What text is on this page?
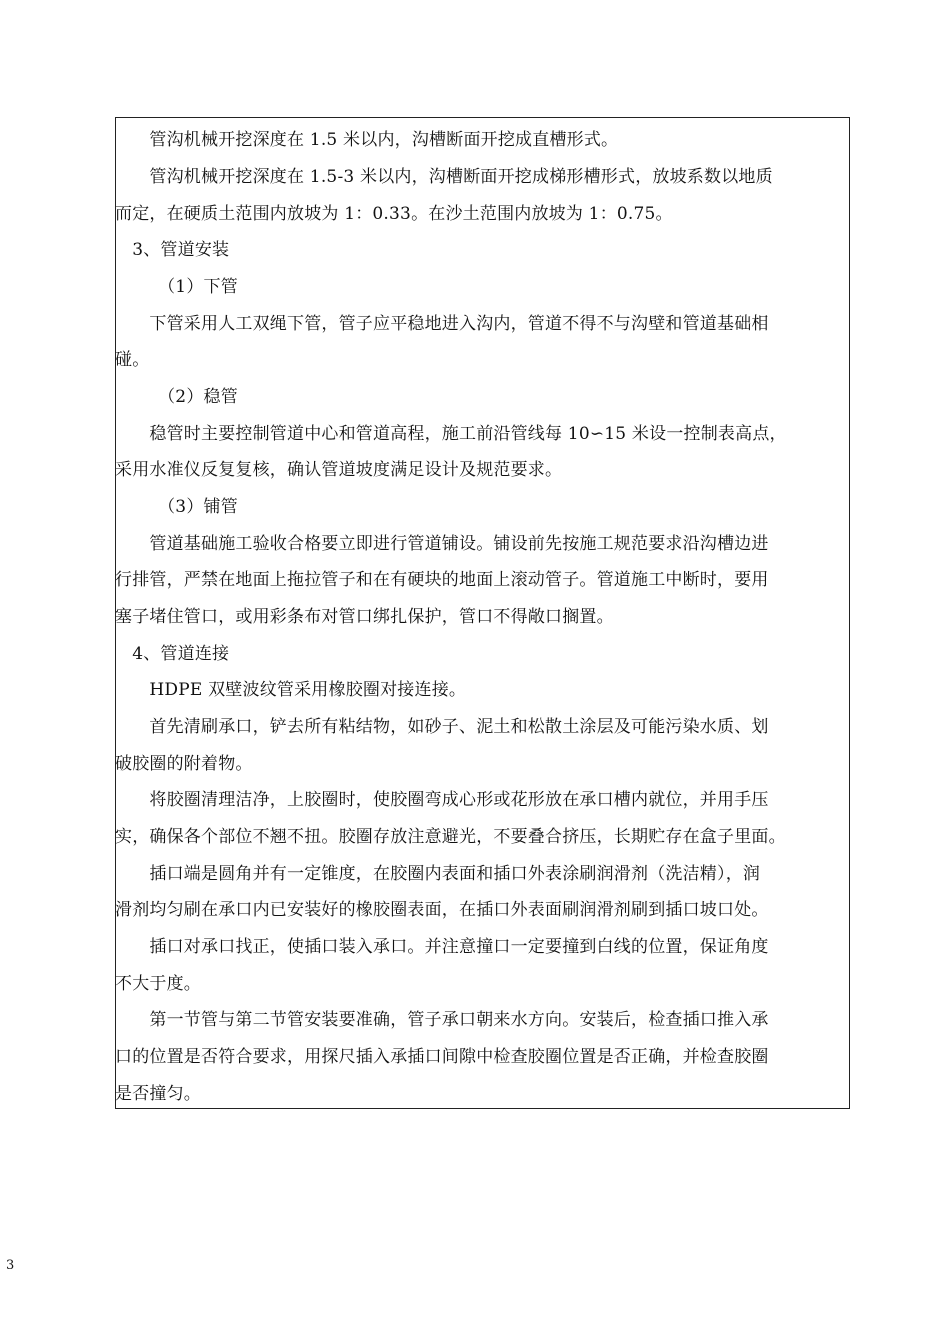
　　管沟机械开挖深度在 1.5 米以内，沟槽断面开挖成直槽形式。
　　管沟机械开挖深度在 1.5-3 米以内，沟槽断面开挖成梯形槽形式，放坡系数以地质
而定，在硬质土范围内放坡为 1：0.33。在沙土范围内放坡为 1：0.75。
　3、管道安装
　　　（1）下管
　　下管采用人工双绳下管，管子应平稳地进入沟内，管道不得不与沟壁和管道基础相
碰。
　　　（2）稳管
　　稳管时主要控制管道中心和管道高程，施工前沿管线每 10∽15 米设一控制表高点，
采用水准仪反复复核，确认管道坡度满足设计及规范要求。
　　　（3）铺管
　　管道基础施工验收合格要立即进行管道铺设。铺设前先按施工规范要求沿沟槽边进
行排管，严禁在地面上拖拉管子和在有硬块的地面上滚动管子。管道施工中断时，要用
塞子堵住管口，或用彩条布对管口绑扎保护，管口不得敞口搁置。
　4、管道连接
　　HDPE 双壁波纹管采用橡胶圈对接连接。
　　首先清刷承口，铲去所有粘结物，如砂子、泥土和松散土涂层及可能污染水质、划
破胶圈的附着物。
　　将胶圈清理洁净，上胶圈时，使胶圈弯成心形或花形放在承口槽内就位，并用手压
实，确保各个部位不翘不扭。胶圈存放注意避光，不要叠合挤压，长期贮存在盒子里面。
　　插口端是圆角并有一定锥度，在胶圈内表面和插口外表涂刷润滑剂（洗洁精），润
滑剂均匀刷在承口内已安装好的橡胶圈表面，在插口外表面刷润滑剂刷到插口坡口处。
　　插口对承口找正，使插口装入承口。并注意撞口一定要撞到白线的位置，保证角度
不大于度。
　　第一节管与第二节管安装要准确，管子承口朝来水方向。安装后，检查插口推入承
口的位置是否符合要求，用探尺插入承插口间隙中检查胶圈位置是否正确，并检查胶圈
是否撞匀。
3
